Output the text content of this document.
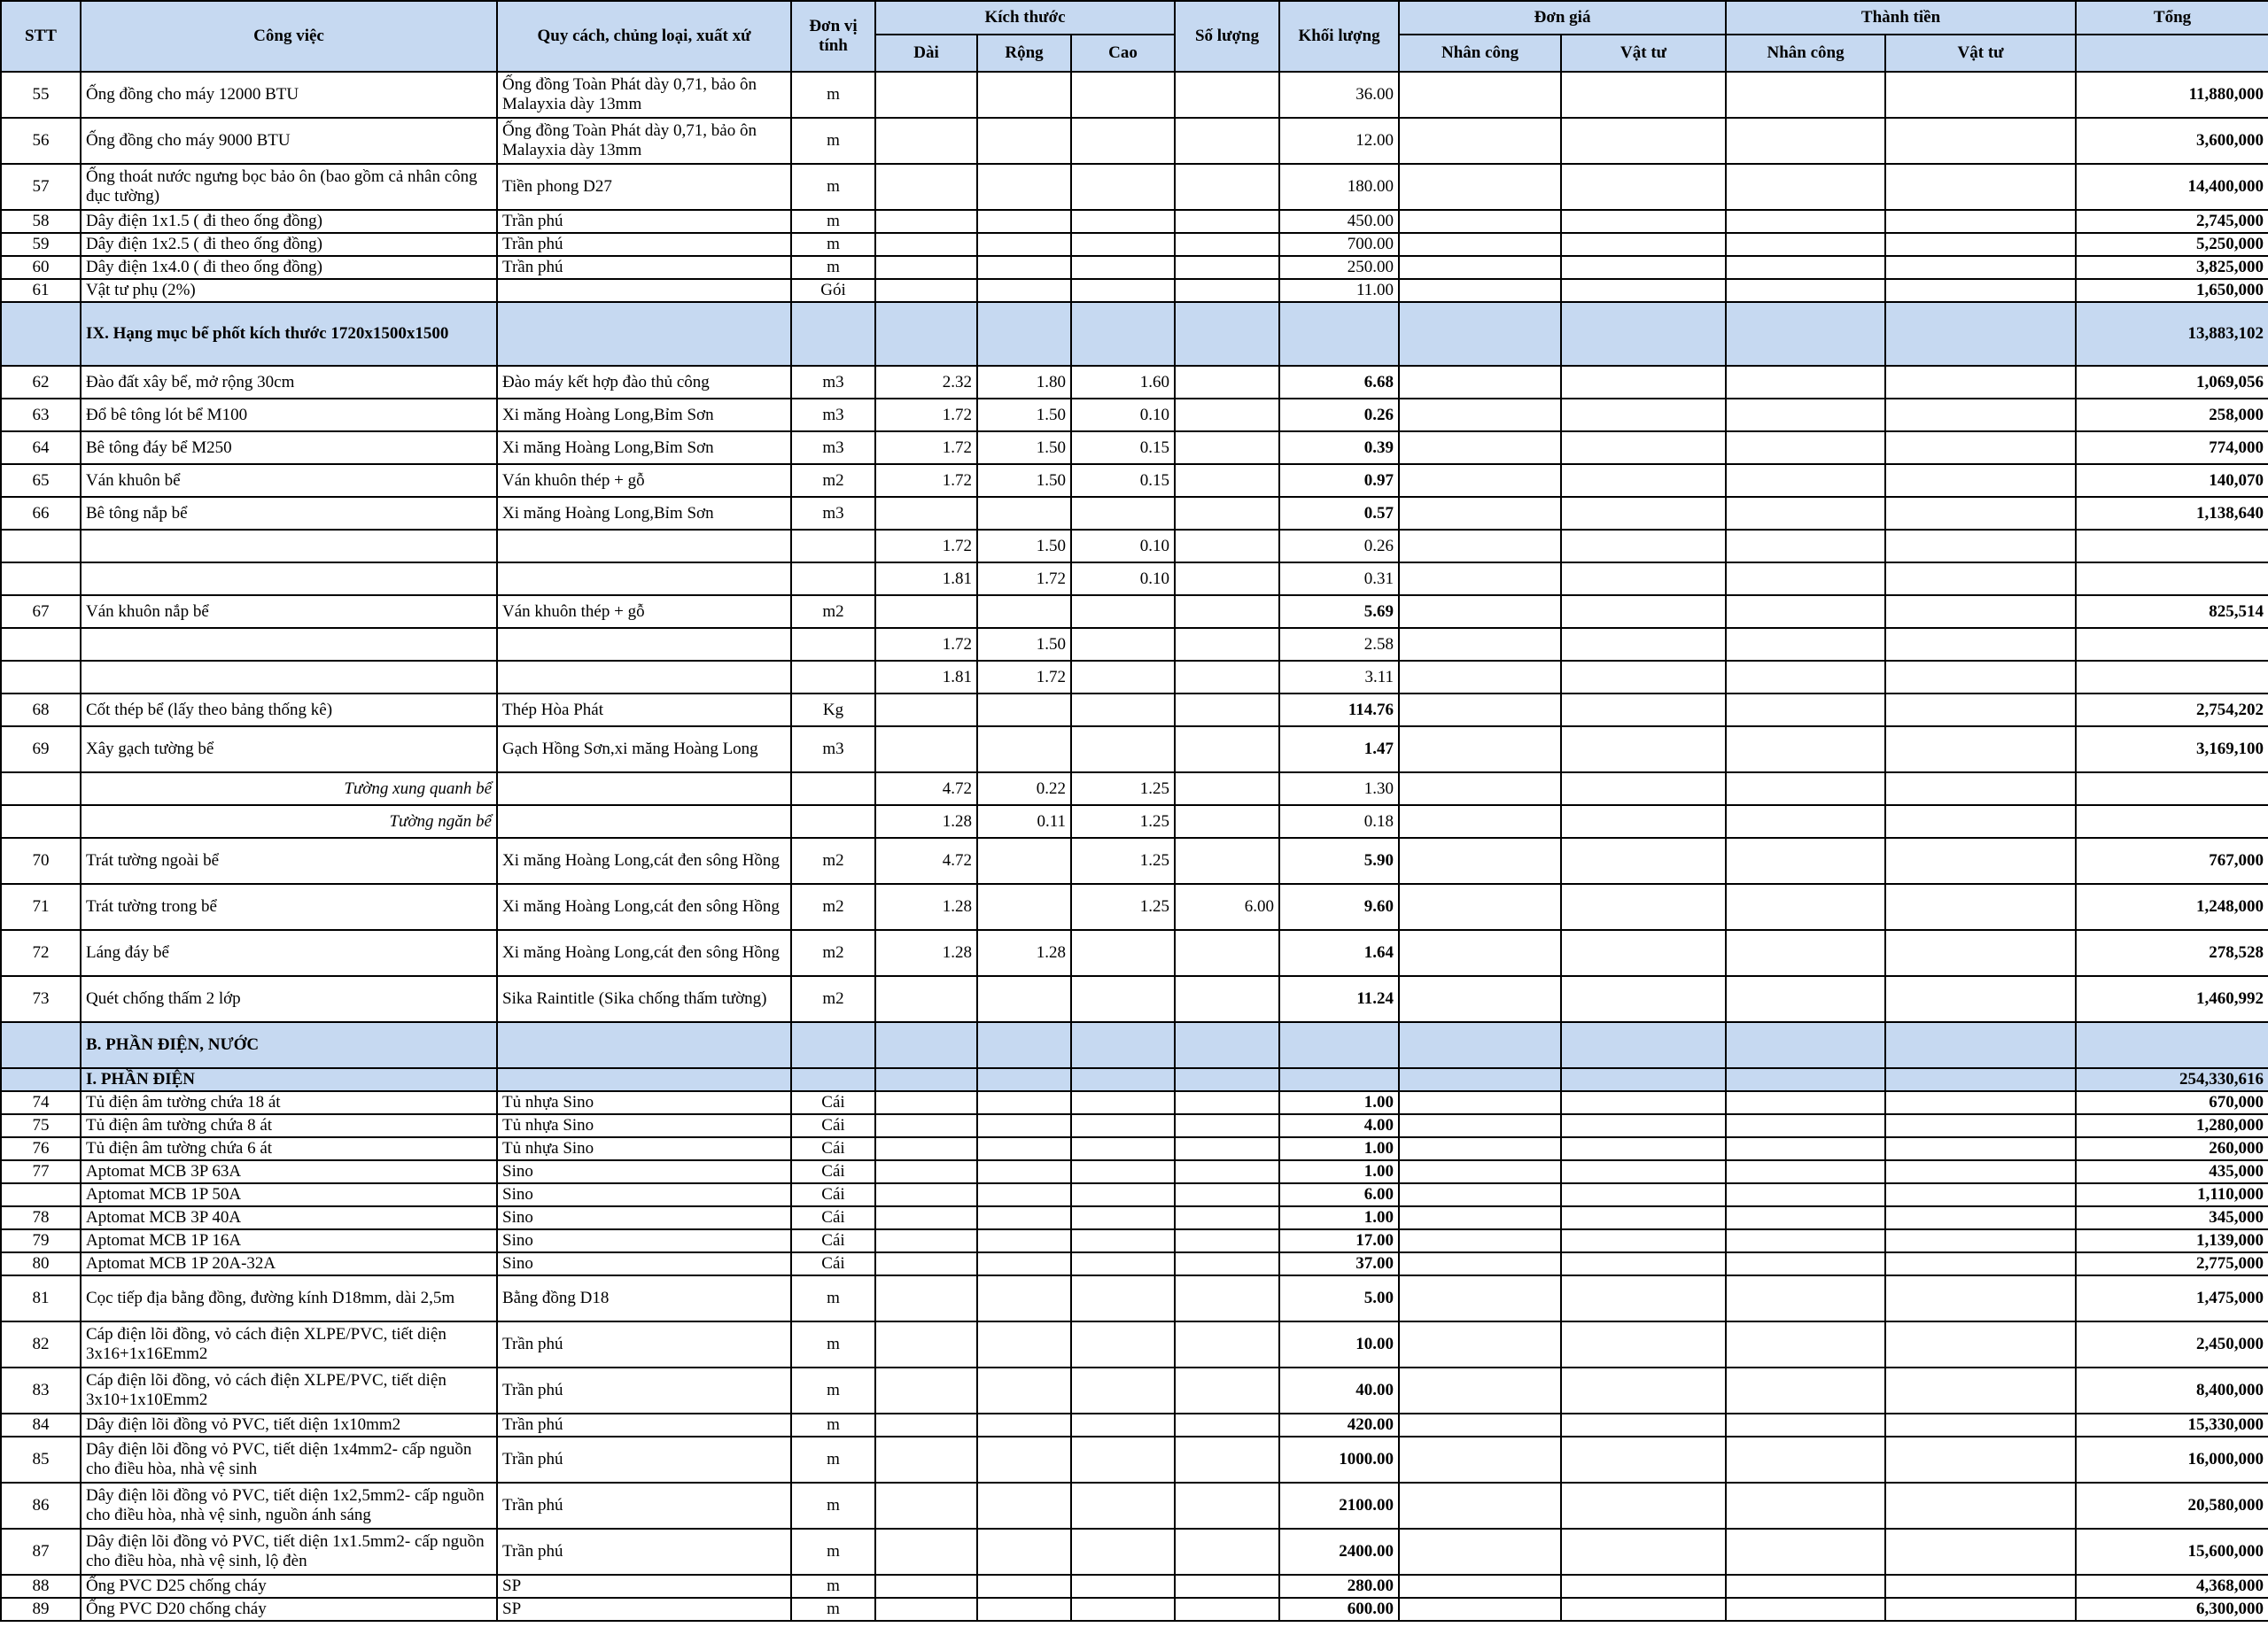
STT	Công việc	Quy cách, chủng loại, xuất xứ	Đơn vị tính	Kích thước			Số lượng	Khối lượng	Đơn giá		Thành tiền		Tổng
				Dài	Rộng	Cao			Nhân công	Vật tư	Nhân công	Vật tư	
55	Ống đồng cho máy 12000 BTU	Ống đồng Toàn Phát dày 0,71, bảo ôn Malayxia dày 13mm	m					36.00					11,880,000
56	Ống đồng cho máy 9000 BTU	Ống đồng Toàn Phát dày 0,71, bảo ôn Malayxia dày 13mm	m					12.00					3,600,000
57	Ống thoát nước ngưng bọc bảo ôn (bao gồm cả nhân công đục tường)	Tiền phong D27	m					180.00					14,400,000
58	Dây điện 1x1.5 ( đi theo ống đồng)	Trần phú	m					450.00					2,745,000
59	Dây điện 1x2.5 ( đi theo ống đồng)	Trần phú	m					700.00					5,250,000
60	Dây điện 1x4.0 ( đi theo ống đồng)	Trần phú	m					250.00					3,825,000
61	Vật tư phụ (2%)		Gói					11.00					1,650,000
	IX. Hạng mục bể phốt kích thước 1720x1500x1500												13,883,102
62	Đào đất xây bể, mở rộng 30cm	Đào máy kết hợp đào thủ công	m3	2.32	1.80	1.60		6.68					1,069,056
63	Đổ bê tông lót bể M100	Xi măng Hoàng Long,Bỉm Sơn	m3	1.72	1.50	0.10		0.26					258,000
64	Bê tông đáy bể M250	Xi măng Hoàng Long,Bỉm Sơn	m3	1.72	1.50	0.15		0.39					774,000
65	Ván khuôn bể	Ván khuôn thép + gỗ	m2	1.72	1.50	0.15		0.97					140,070
66	Bê tông nắp bể	Xi măng Hoàng Long,Bỉm Sơn	m3					0.57					1,138,640
				1.72	1.50	0.10		0.26					
				1.81	1.72	0.10		0.31					
67	Ván khuôn nắp bể	Ván khuôn thép + gỗ	m2					5.69					825,514
				1.72	1.50			2.58					
				1.81	1.72			3.11					
68	Cốt thép bể (lấy theo bảng thống kê)	Thép Hòa Phát	Kg					114.76					2,754,202
69	Xây gạch tường bể	Gạch Hồng Sơn,xi măng Hoàng Long	m3					1.47					3,169,100
	Tường xung quanh bể			4.72	0.22	1.25		1.30					
	Tường ngăn bể			1.28	0.11	1.25		0.18					
70	Trát tường ngoài bể	Xi măng Hoàng Long,cát đen sông Hồng	m2	4.72		1.25		5.90					767,000
71	Trát tường trong bể	Xi măng Hoàng Long,cát đen sông Hồng	m2	1.28		1.25	6.00	9.60					1,248,000
72	Láng đáy bể	Xi măng Hoàng Long,cát đen sông Hồng	m2	1.28	1.28			1.64					278,528
73	Quét chống thấm 2 lớp	Sika Raintitle (Sika chống thấm tường)	m2					11.24					1,460,992
	B. PHẦN ĐIỆN, NƯỚC												
	I. PHẦN ĐIỆN												254,330,616
74	Tủ điện âm tường chứa 18 át	Tủ nhựa Sino	Cái					1.00					670,000
75	Tủ điện âm tường chứa 8 át	Tủ nhựa Sino	Cái					4.00					1,280,000
76	Tủ điện âm tường chứa 6 át	Tủ nhựa Sino	Cái					1.00					260,000
77	Aptomat MCB 3P 63A	Sino	Cái					1.00					435,000
	Aptomat MCB 1P 50A	Sino	Cái					6.00					1,110,000
78	Aptomat MCB 3P 40A	Sino	Cái					1.00					345,000
79	Aptomat MCB 1P 16A	Sino	Cái					17.00					1,139,000
80	Aptomat MCB 1P 20A-32A	Sino	Cái					37.00					2,775,000
81	Cọc tiếp địa bằng đồng, đường kính D18mm, dài 2,5m	Bằng đồng D18	m					5.00					1,475,000
82	Cáp điện lõi đồng, vỏ cách điện XLPE/PVC, tiết diện 3x16+1x16Emm2	Trần phú	m					10.00					2,450,000
83	Cáp điện lõi đồng, vỏ cách điện XLPE/PVC, tiết diện 3x10+1x10Emm2	Trần phú	m					40.00					8,400,000
84	Dây điện lõi đồng vỏ PVC, tiết diện 1x10mm2	Trần phú	m					420.00					15,330,000
85	Dây điện lõi đồng vỏ PVC, tiết diện 1x4mm2- cấp nguồn cho điều hòa, nhà vệ sinh	Trần phú	m					1000.00					16,000,000
86	Dây điện lõi đồng vỏ PVC, tiết diện 1x2,5mm2- cấp nguồn cho điều hòa, nhà vệ sinh, nguồn ánh sáng	Trần phú	m					2100.00					20,580,000
87	Dây điện lõi đồng vỏ PVC, tiết diện 1x1.5mm2- cấp nguồn cho điều hòa, nhà vệ sinh, lộ đèn	Trần phú	m					2400.00					15,600,000
88	Ống PVC D25 chống cháy	SP	m					280.00					4,368,000
89	Ống PVC D20 chống cháy	SP	m					600.00					6,300,000
